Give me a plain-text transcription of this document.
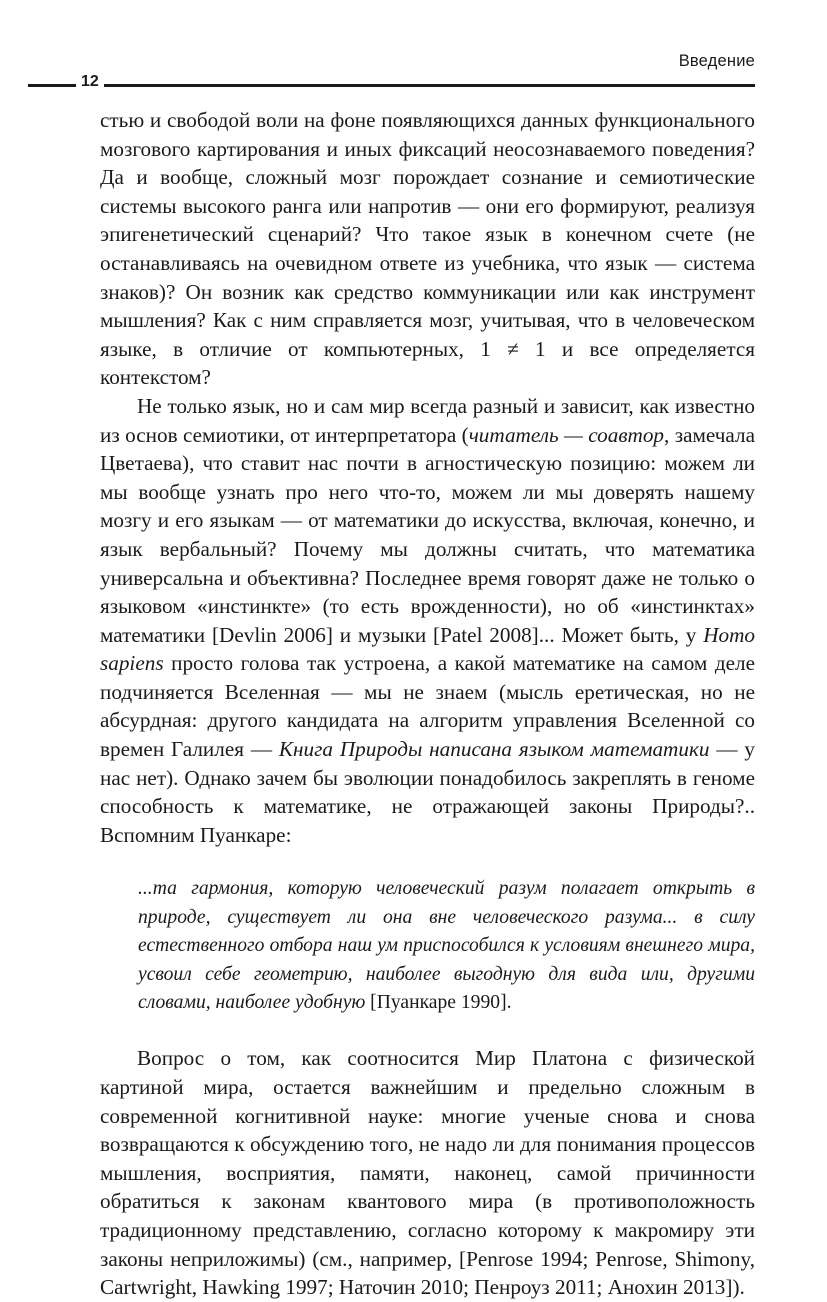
Введение
12

стью и свободой воли на фоне появляющихся данных функционального мозгового картирования и иных фиксаций неосознаваемого поведения? Да и вообще, сложный мозг порождает сознание и семиотические системы высокого ранга или напротив — они его формируют, реализуя эпигенетический сценарий? Что такое язык в конечном счете (не останавливаясь на очевидном ответе из учебника, что язык — система знаков)? Он возник как средство коммуникации или как инструмент мышления? Как с ним справляется мозг, учитывая, что в человеческом языке, в отличие от компьютерных, 1 ≠ 1 и все определяется контекстом?

Не только язык, но и сам мир всегда разный и зависит, как известно из основ семиотики, от интерпретатора (читатель — соавтор, замечала Цветаева), что ставит нас почти в агностическую позицию: можем ли мы вообще узнать про него что-то, можем ли мы доверять нашему мозгу и его языкам — от математики до искусства, включая, конечно, и язык вербальный? Почему мы должны считать, что математика универсальна и объективна? Последнее время говорят даже не только о языковом «инстинкте» (то есть врожденности), но об «инстинктах» математики [Devlin 2006] и музыки [Patel 2008]... Может быть, у Homo sapiens просто голова так устроена, а какой математике на самом деле подчиняется Вселенная — мы не знаем (мысль еретическая, но не абсурдная: другого кандидата на алгоритм управления Вселенной со времен Галилея — Книга Природы написана языком математики — у нас нет). Однако зачем бы эволюции понадобилось закреплять в геноме способность к математике, не отражающей законы Природы?.. Вспомним Пуанкаре:

...та гармония, которую человеческий разум полагает открыть в природе, существует ли она вне человеческого разума... в силу естественного отбора наш ум приспособился к условиям внешнего мира, усвоил себе геометрию, наиболее выгодную для вида или, другими словами, наиболее удобную [Пуанкаре 1990].

Вопрос о том, как соотносится Мир Платона с физической картиной мира, остается важнейшим и предельно сложным в современной когнитивной науке: многие ученые снова и снова возвращаются к обсуждению того, не надо ли для понимания процессов мышления, восприятия, памяти, наконец, самой причинности обратиться к законам квантового мира (в противоположность традиционному представлению, согласно которому к макромиру эти законы неприложимы) (см., например, [Penrose 1994; Penrose, Shimony, Cartwright, Hawking 1997; Наточин 2010; Пенроуз 2011; Анохин 2013]).
